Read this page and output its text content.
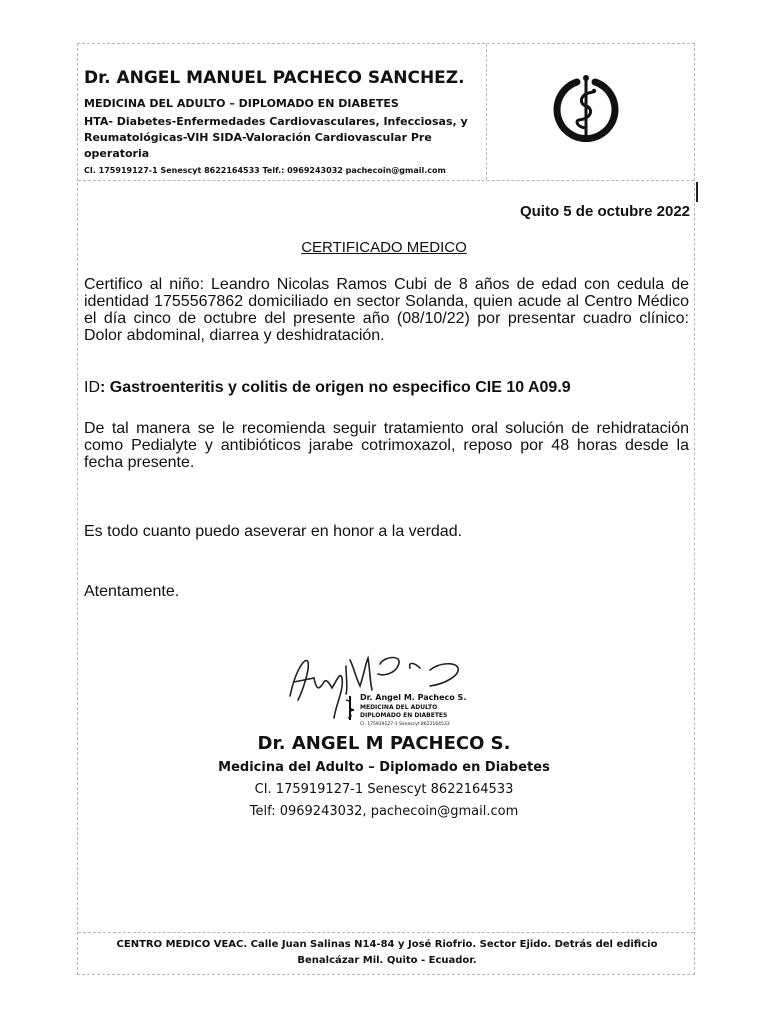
Dr. ANGEL MANUEL PACHECO SANCHEZ.
MEDICINA DEL ADULTO – DIPLOMADO EN DIABETES
HTA- Diabetes-Enfermedades Cardiovasculares, Infecciosas, y Reumatológicas-VIH SIDA-Valoración Cardiovascular Pre operatoria
CI. 175919127-1 Senescyt 8622164533 Telf.: 0969243032 pachecoin@gmail.com
Quito 5 de octubre 2022
CERTIFICADO MEDICO
Certifico al niño: Leandro Nicolas Ramos Cubi de 8 años de edad con cedula de identidad 1755567862 domiciliado en sector Solanda, quien acude al Centro Médico el día cinco de octubre del presente año (08/10/22) por presentar cuadro clínico: Dolor abdominal, diarrea y deshidratación.
ID: Gastroenteritis y colitis de origen no especifico CIE 10 A09.9
De tal manera se le recomienda seguir tratamiento oral solución de rehidratación como Pedialyte y antibióticos jarabe cotrimoxazol, reposo por 48 horas desde la fecha presente.
Es todo cuanto puedo aseverar en honor a la verdad.
Atentamente.
Dr. Angel M. Pacheco S.
MEDICINA DEL ADULTO
DIPLOMADO EN DIABETES
CI. 175919127-1 Senescyt 8622164533
Dr. ANGEL M PACHECO S.
Medicina del Adulto – Diplomado en Diabetes
CI. 175919127-1 Senescyt 8622164533
Telf: 0969243032, pachecoin@gmail.com
CENTRO MEDICO VEAC. Calle Juan Salinas N14-84 y José Riofrio. Sector Ejido. Detrás del edificio Benalcázar Mil. Quito - Ecuador.
